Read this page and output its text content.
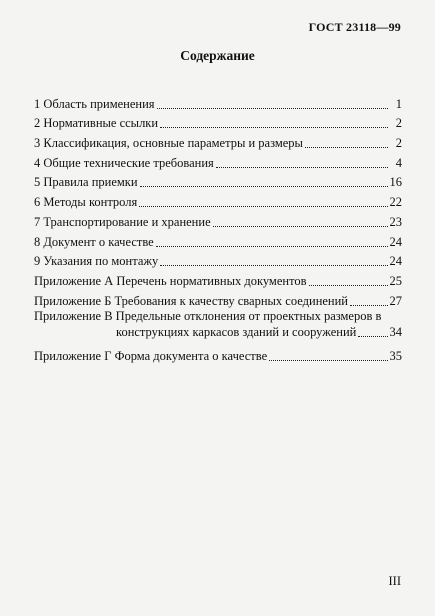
ГОСТ 23118—99
Содержание
1 Область применения	1
2 Нормативные ссылки	2
3 Классификация, основные параметры и размеры	2
4 Общие технические требования	4
5 Правила приемки	16
6 Методы контроля	22
7 Транспортирование и хранение	23
8 Документ о качестве	24
9 Указания по монтажу	24
Приложение А Перечень нормативных документов	25
Приложение Б Требования к качеству сварных соединений	27
Приложение В Предельные отклонения от проектных размеров в
конструкциях каркасов зданий и сооружений	34
Приложение Г Форма документа о качестве	35
III
